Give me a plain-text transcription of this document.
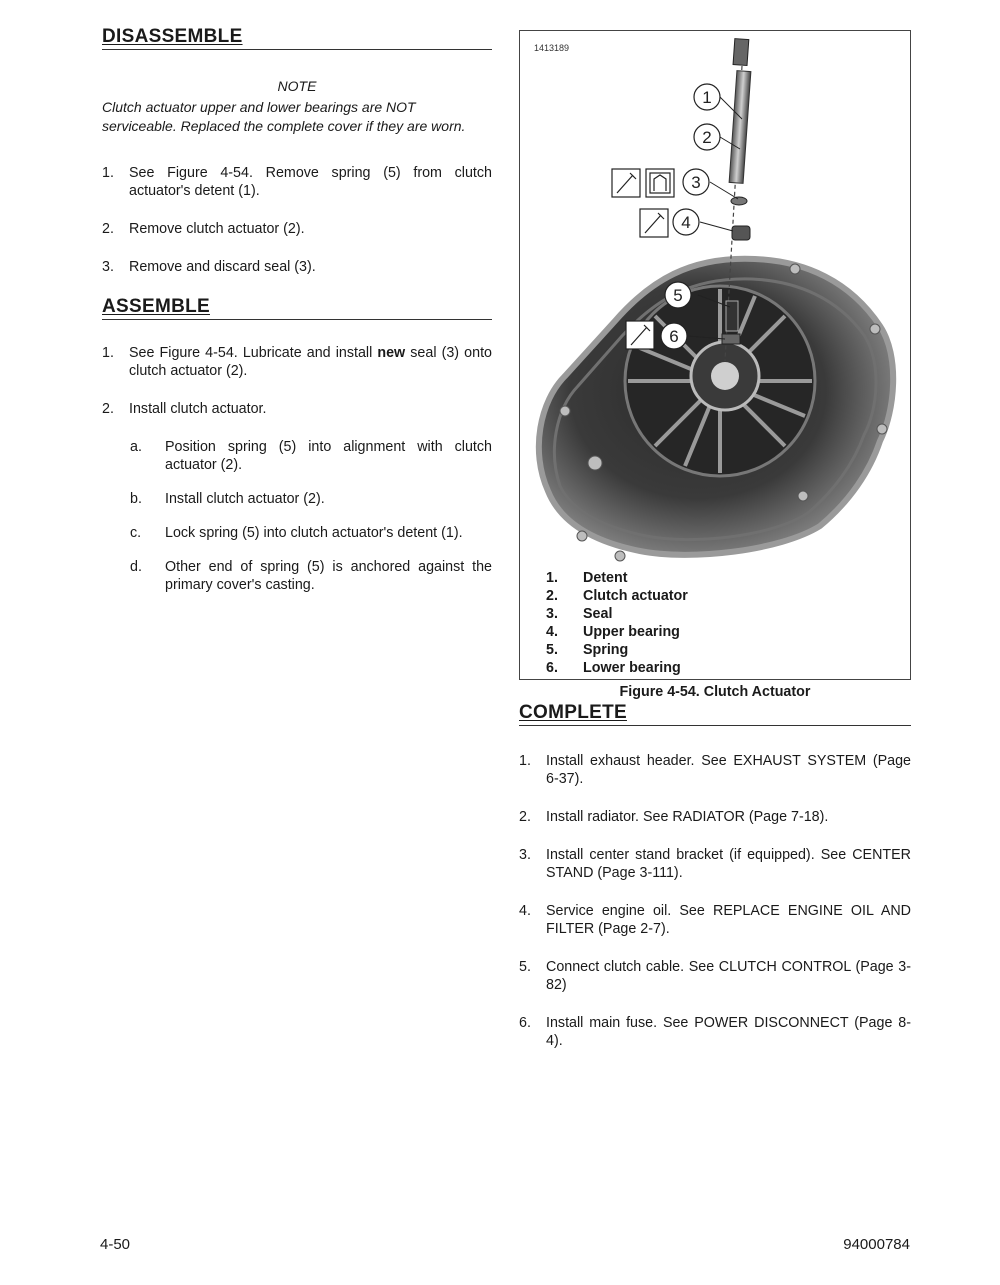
DISASSEMBLE

NOTE

Clutch actuator upper and lower bearings are NOT serviceable. Replaced the complete cover if they are worn.

1.	See Figure 4-54. Remove spring (5) from clutch actuator's detent (1).
2.	Remove clutch actuator (2).
3.	Remove and discard seal (3).
ASSEMBLE
1.	See Figure 4-54. Lubricate and install new seal (3) onto clutch actuator (2).
2.	Install clutch actuator.
a.	Position spring (5) into alignment with clutch actuator (2).
b.	Install clutch actuator (2).
c.	Lock spring (5) into clutch actuator's detent (1).
d.	Other end of spring (5) is anchored against the primary cover's casting.
1413189
1
2
3
4
5
6
1.	Detent
2.	Clutch actuator
3.	Seal
4.	Upper bearing
5.	Spring
6.	Lower bearing
Figure 4-54. Clutch Actuator
COMPLETE
1.	Install exhaust header. See EXHAUST SYSTEM (Page 6-37).
2.	Install radiator. See RADIATOR (Page 7-18).
3.	Install center stand bracket (if equipped). See CENTER STAND (Page 3-111).
4.	Service engine oil. See REPLACE ENGINE OIL AND FILTER (Page 2-7).
5.	Connect clutch cable. See CLUTCH CONTROL (Page 3-82)
6.	Install main fuse. See POWER DISCONNECT (Page 8-4).
4-50	94000784
